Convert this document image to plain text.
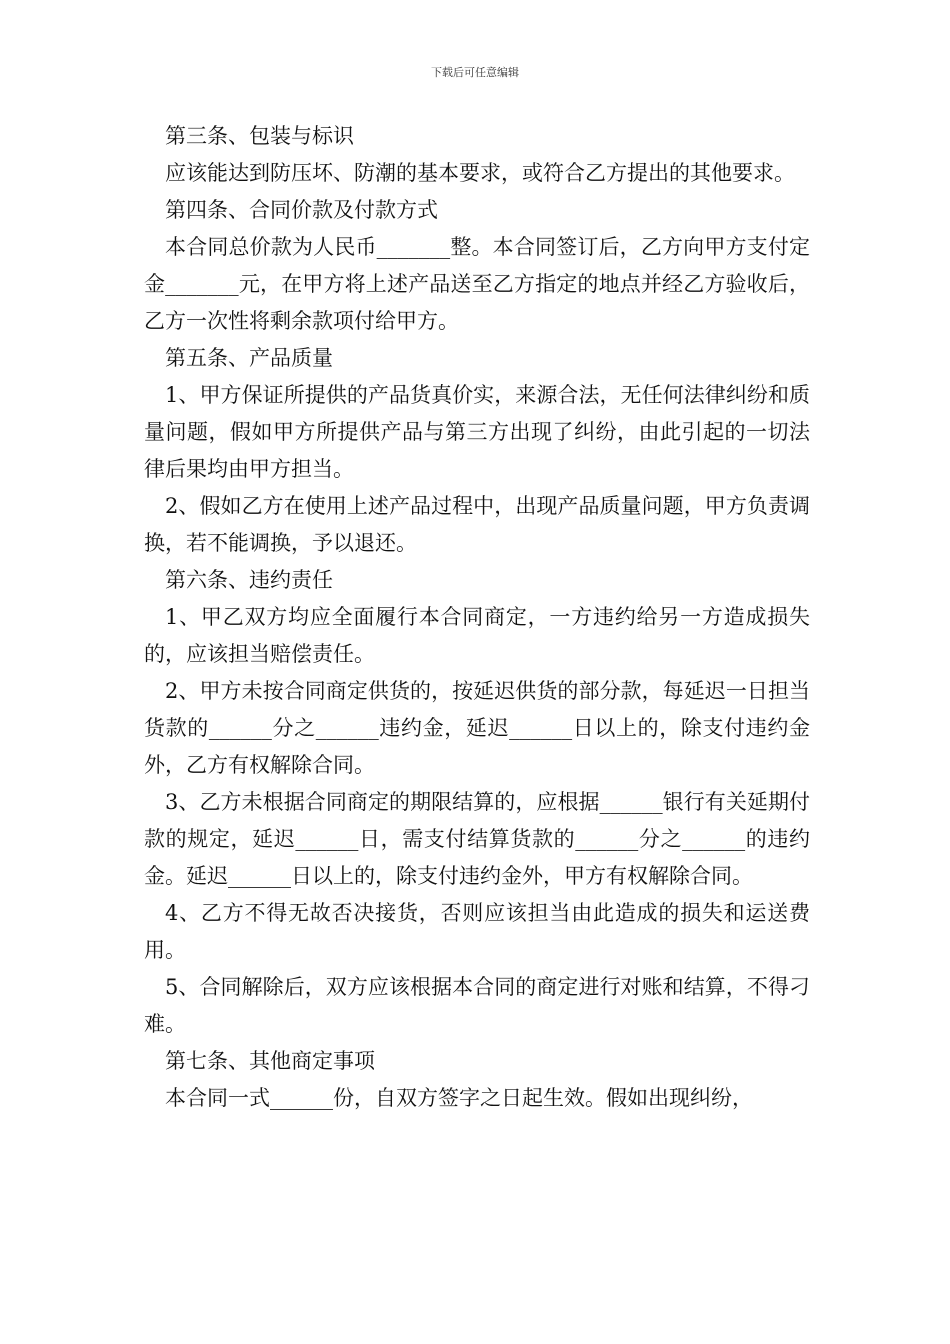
下载后可任意编辑

第三条、包装与标识

应该能达到防压坏、防潮的基本要求，或符合乙方提出的其他要求。

第四条、合同价款及付款方式

本合同总价款为人民币_______整。本合同签订后，乙方向甲方支付定金_______元，在甲方将上述产品送至乙方指定的地点并经乙方验收后，乙方一次性将剩余款项付给甲方。

第五条、产品质量

1、甲方保证所提供的产品货真价实，来源合法，无任何法律纠纷和质量问题，假如甲方所提供产品与第三方出现了纠纷，由此引起的一切法律后果均由甲方担当。

2、假如乙方在使用上述产品过程中，出现产品质量问题，甲方负责调换，若不能调换，予以退还。

第六条、违约责任

1、甲乙双方均应全面履行本合同商定，一方违约给另一方造成损失的，应该担当赔偿责任。

2、甲方未按合同商定供货的，按延迟供货的部分款，每延迟一日担当货款的______分之______违约金，延迟______日以上的，除支付违约金外，乙方有权解除合同。

3、乙方未根据合同商定的期限结算的，应根据______银行有关延期付款的规定，延迟______日，需支付结算货款的______分之______的违约金。延迟______日以上的，除支付违约金外，甲方有权解除合同。

4、乙方不得无故否决接货，否则应该担当由此造成的损失和运送费用。

5、合同解除后，双方应该根据本合同的商定进行对账和结算，不得刁难。

第七条、其他商定事项

本合同一式______份，自双方签字之日起生效。假如出现纠纷，
